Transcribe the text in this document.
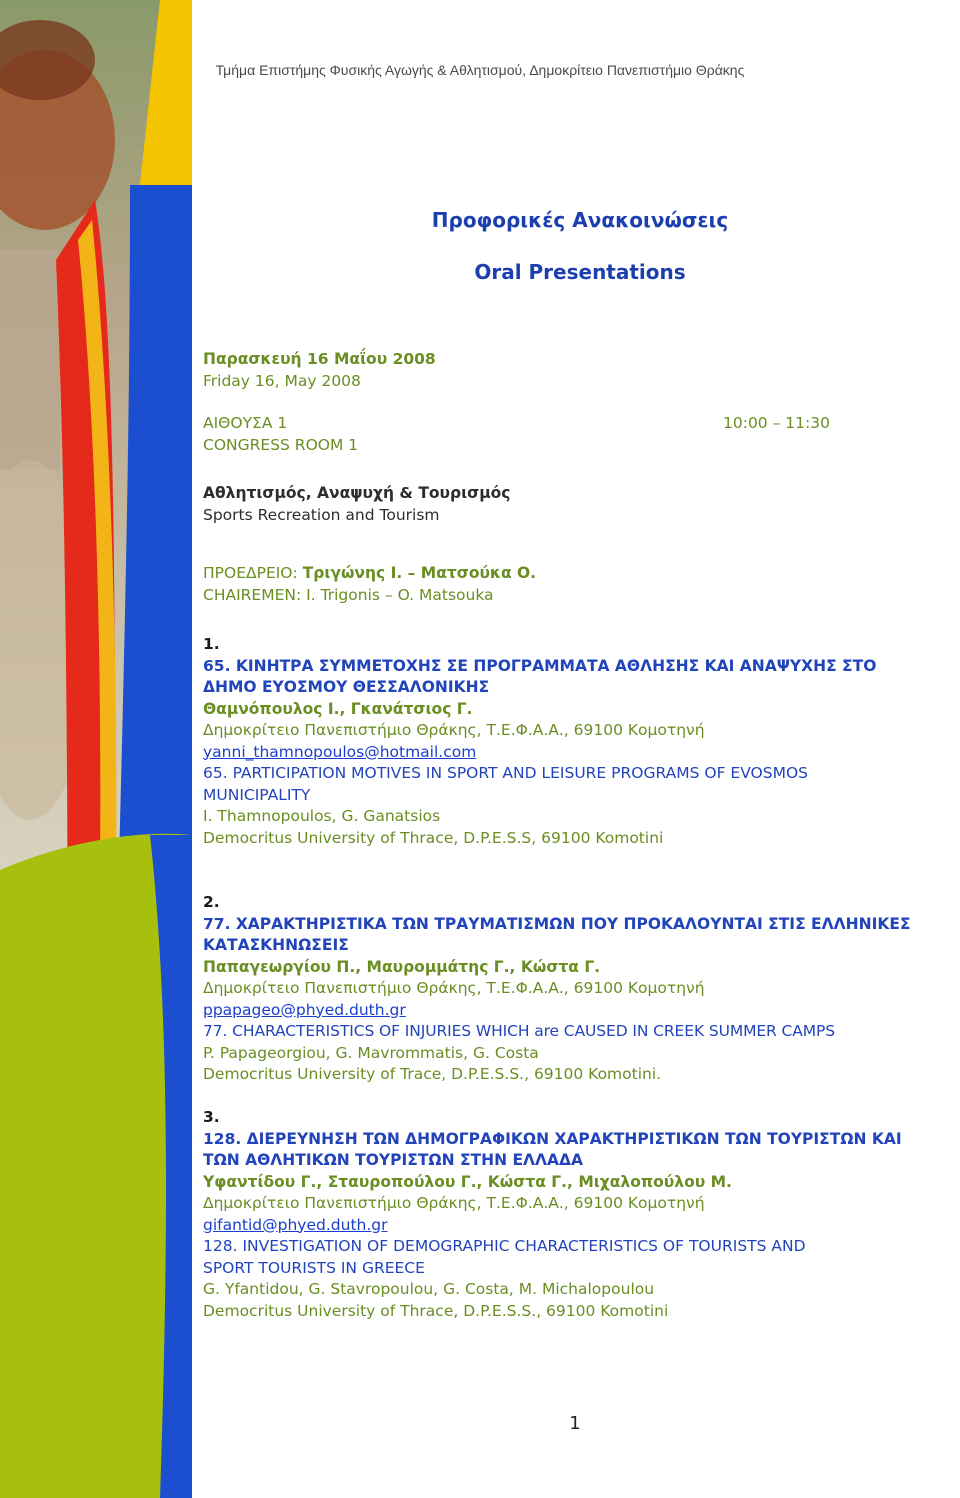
Τμήμα Επιστήμης Φυσικής Αγωγής & Αθλητισμού, Δημοκρίτειο Πανεπιστήμιο Θράκης
Προφορικές Ανακοινώσεις
Oral Presentations
Παρασκευή 16 Μαΐου 2008
Friday 16, May 2008
ΑΙΘΟΥΣΑ 1	10:00 – 11:30
CONGRESS ROOM 1
Αθλητισμός, Αναψυχή & Τουρισμός
Sports Recreation and Tourism
ΠΡΟΕΔΡΕΙΟ: Τριγώνης Ι. – Ματσούκα Ο.
CHAIREMEN: I. Trigonis – O. Matsouka
1.
65. ΚΙΝΗΤΡΑ ΣΥΜΜΕΤΟΧΗΣ ΣΕ ΠΡΟΓΡΑΜΜΑΤΑ ΑΘΛΗΣΗΣ ΚΑΙ ΑΝΑΨΥΧΗΣ ΣΤΟ
ΔΗΜΟ ΕΥΟΣΜΟΥ ΘΕΣΣΑΛΟΝΙΚΗΣ
Θαμνόπουλος Ι., Γκανάτσιος Γ.
Δημοκρίτειο Πανεπιστήμιο Θράκης, Τ.Ε.Φ.Α.Α., 69100 Κομοτηνή
yanni_thamnopoulos@hotmail.com
65. PARTICIPATION MOTIVES IN SPORT AND LEISURE PROGRAMS OF EVOSMOS
MUNICIPALITY
I. Thamnopoulos, G. Ganatsios
Democritus University of Thrace, D.P.E.S.S, 69100 Komotini
2.
77. ΧΑΡΑΚΤΗΡΙΣΤΙΚΑ ΤΩΝ ΤΡΑΥΜΑΤΙΣΜΩΝ ΠΟΥ ΠΡΟΚΑΛΟΥΝΤΑΙ ΣΤΙΣ ΕΛΛΗΝΙΚΕΣ
ΚΑΤΑΣΚΗΝΩΣΕΙΣ
Παπαγεωργίου Π., Μαυρομμάτης Γ., Κώστα Γ.
Δημοκρίτειο Πανεπιστήμιο Θράκης, Τ.Ε.Φ.Α.Α., 69100 Κομοτηνή
ppapageo@phyed.duth.gr
77. CHARACTERISTICS OF INJURIES WHICH are CAUSED IN CREEK SUMMER CAMPS
P. Papageorgiou, G. Mavrommatis, G. Costa
Democritus University of Trace, D.P.E.S.S., 69100 Komotini.
3.
128. ΔΙΕΡΕΥΝΗΣΗ ΤΩΝ ΔΗΜΟΓΡΑΦΙΚΩΝ ΧΑΡΑΚΤΗΡΙΣΤΙΚΩΝ ΤΩΝ ΤΟΥΡΙΣΤΩΝ ΚΑΙ
ΤΩΝ ΑΘΛΗΤΙΚΩΝ ΤΟΥΡΙΣΤΩΝ ΣΤΗΝ ΕΛΛΑΔΑ
Υφαντίδου Γ., Σταυροπούλου Γ., Κώστα Γ., Μιχαλοπούλου Μ.
Δημοκρίτειο Πανεπιστήμιο Θράκης, Τ.Ε.Φ.Α.Α., 69100 Κομοτηνή
gifantid@phyed.duth.gr
128. INVESTIGATION OF DEMOGRAPHIC CHARACTERISTICS OF TOURISTS AND
SPORT TOURISTS IN GREECE
G. Yfantidou, G. Stavropoulou, G. Costa, M. Michalopoulou
Democritus University of Thrace, D.P.E.S.S., 69100 Komotini
1
